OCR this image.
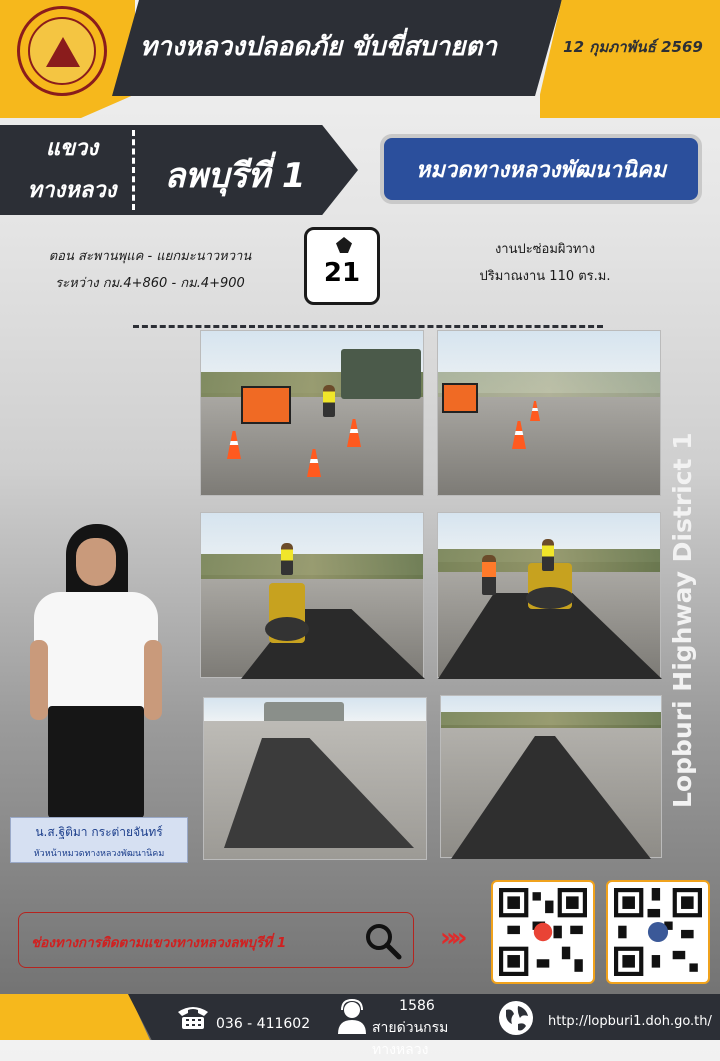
ทางหลวงปลอดภัย ขับขี่สบายตา	12 กุมภาพันธ์ 2569
แขวง
ทางหลวง	ลพบุรีที่ 1	หมวดทางหลวงพัฒนานิคม
ตอน สะพานพุแค - แยกมะนาวหวาน
ระหว่าง กม.4+860 - กม.4+900	21
งานปะซ่อมผิวทาง
ปริมาณงาน 110 ตร.ม.
Lopburi Highway District 1
น.ส.ฐิติมา กระต่ายจันทร์
หัวหน้าหมวดทางหลวงพัฒนานิคม
ช่องทางการติดตามแขวงทางหลวงลพบุรีที่ 1	»»
036 - 411602
1586
สายด่วนกรมทางหลวง
http://lopburi1.doh.go.th/
